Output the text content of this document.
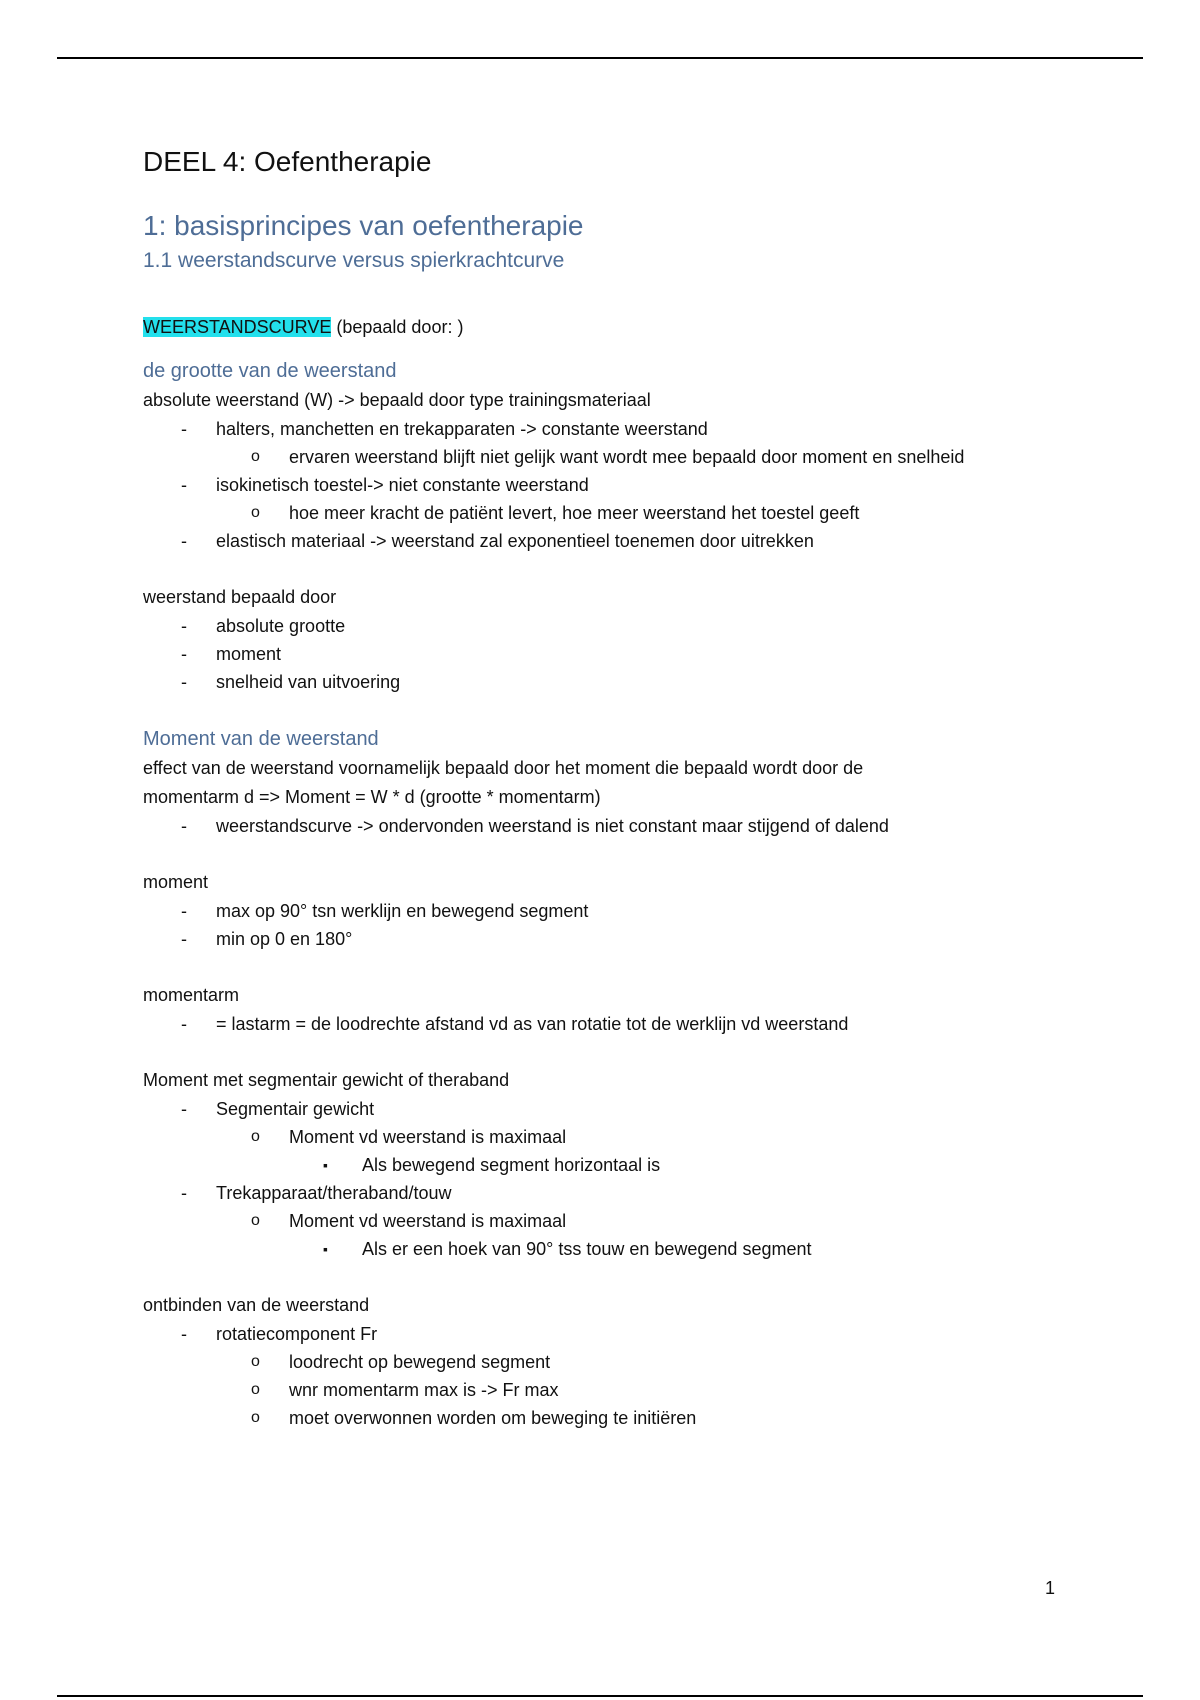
DEEL 4: Oefentherapie
1: basisprincipes van oefentherapie
1.1 weerstandscurve versus spierkrachtcurve

WEERSTANDSCURVE (bepaald door: )

de grootte van de weerstand

absolute weerstand (W) -> bepaald door type trainingsmateriaal

- halters, manchetten en trekapparaten -> constante weerstand
o ervaren weerstand blijft niet gelijk want wordt mee bepaald door moment en snelheid
- isokinetisch toestel-> niet constante weerstand
o hoe meer kracht de patiënt levert, hoe meer weerstand het toestel geeft
- elastisch materiaal -> weerstand zal exponentieel toenemen door uitrekken

weerstand bepaald door

- absolute grootte
- moment
- snelheid van uitvoering
Moment van de weerstand

effect van de weerstand voornamelijk bepaald door het moment die bepaald wordt door de

momentarm d => Moment = W * d (grootte * momentarm)

- weerstandscurve -> ondervonden weerstand is niet constant maar stijgend of dalend

moment

- max op 90° tsn werklijn en bewegend segment
- min op 0 en 180°

momentarm

- = lastarm = de loodrechte afstand vd as van rotatie tot de werklijn vd weerstand

Moment met segmentair gewicht of theraband

- Segmentair gewicht
o Moment vd weerstand is maximaal
▪ Als bewegend segment horizontaal is
- Trekapparaat/theraband/touw
o Moment vd weerstand is maximaal
▪ Als er een hoek van 90° tss touw en bewegend segment

ontbinden van de weerstand

- rotatiecomponent Fr
o loodrecht op bewegend segment
o wnr momentarm max is -> Fr max
o moet overwonnen worden om beweging te initiëren
1
